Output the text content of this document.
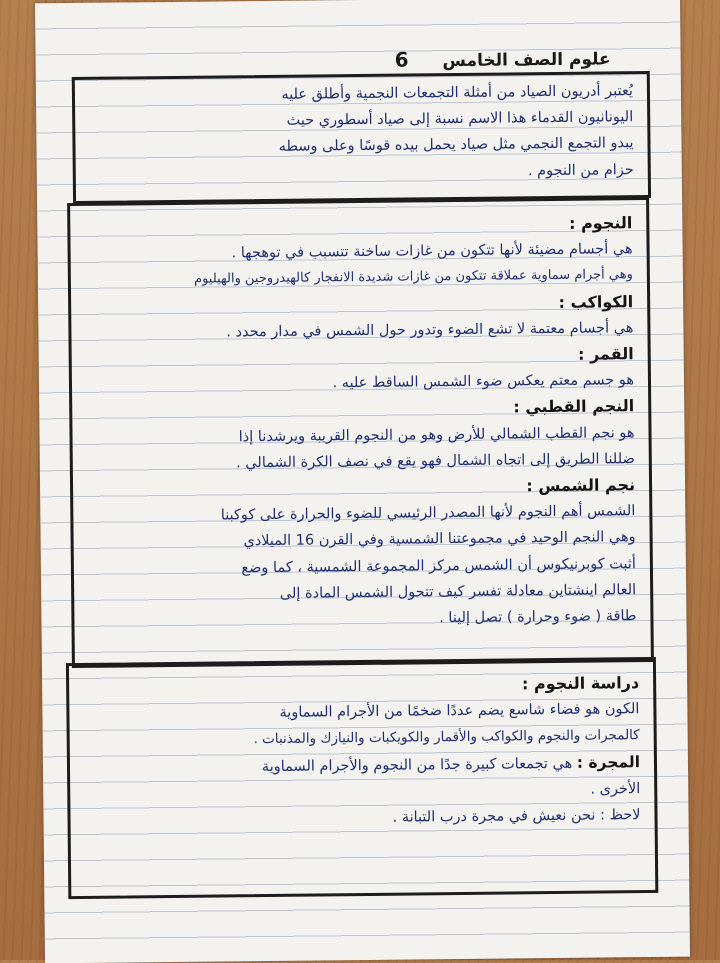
علوم الصف الخامس
6
يُعتبر أدريون الصياد من أمثلة التجمعات النجمية وأطلق عليه
اليونانيون القدماء هذا الاسم نسبة إلى صياد أسطوري حيث
يبدو التجمع النجمي مثل صياد يحمل بيده قوسًا وعلى وسطه
حزام من النجوم .
النجوم :
هي أجسام مضيئة لأنها تتكون من غازات ساخنة تتسبب في توهجها .
وهي أجرام سماوية عملاقة تتكون من غازات شديدة الانفجار كالهيدروجين والهيليوم
الكواكب :
هي أجسام معتمة لا تشع الضوء وتدور حول الشمس في مدار محدد .
القمر :
هو جسم معتم يعكس ضوء الشمس الساقط عليه .
النجم القطبي :
هو نجم القطب الشمالي للأرض وهو من النجوم القريبة ويرشدنا إذا
ضللنا الطريق إلى اتجاه الشمال فهو يقع في نصف الكرة الشمالي .
نجم الشمس :
الشمس أهم النجوم لأنها المصدر الرئيسي للضوء والحرارة على كوكبنا
وهي النجم الوحيد في مجموعتنا الشمسية وفي القرن 16 الميلادي
أثبت كوبرنيكوس أن الشمس مركز المجموعة الشمسية ، كما وضع
العالم اينشتاين معادلة تفسر كيف تتحول الشمس المادة إلى
طاقة ( ضوء وحرارة ) تصل إلينا .
دراسة النجوم :
الكون هو فضاء شاسع يضم عددًا ضخمًا من الأجرام السماوية
كالمجرات والنجوم والكواكب والأقمار والكويكبات والنيازك والمذنبات .
المجرة : هي تجمعات كبيرة جدًا من النجوم والأجرام السماوية
الأخرى .
لاحظ : نحن نعيش في مجرة درب التبانة .
